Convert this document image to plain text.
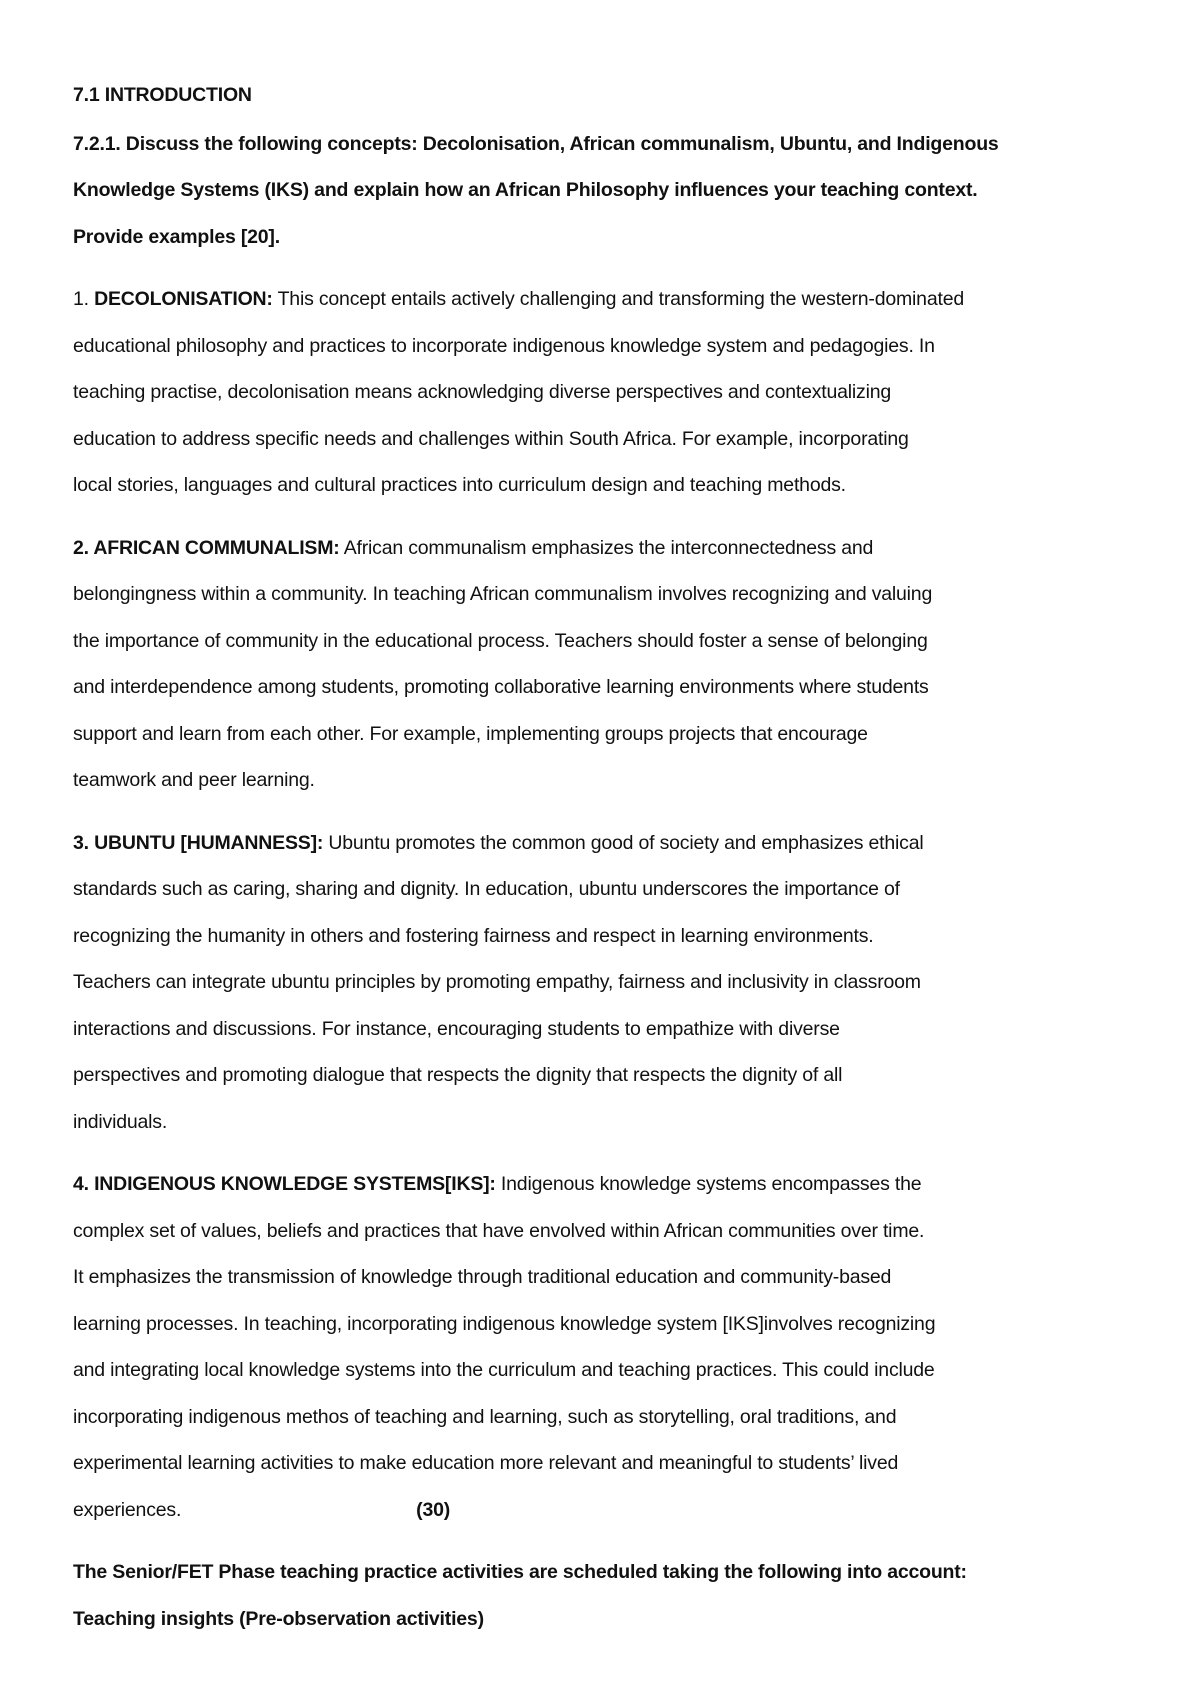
7.1 INTRODUCTION
7.2.1. Discuss the following concepts: Decolonisation, African communalism, Ubuntu, and Indigenous
Knowledge Systems (IKS) and explain how an African Philosophy influences your teaching context.
Provide examples [20].
1. DECOLONISATION: This concept entails actively challenging and transforming the western-dominated
educational philosophy and practices to incorporate indigenous knowledge system and pedagogies. In
teaching practise, decolonisation means acknowledging diverse perspectives and contextualizing
education to address specific needs and challenges within South Africa. For example, incorporating
local stories, languages and cultural practices into curriculum design and teaching methods.
2. AFRICAN COMMUNALISM: African communalism emphasizes the interconnectedness and
belongingness within a community. In teaching African communalism involves recognizing and valuing
the importance of community in the educational process. Teachers should foster a sense of belonging
and interdependence among students, promoting collaborative learning environments where students
support and learn from each other. For example, implementing groups projects that encourage
teamwork and peer learning.
3. UBUNTU [HUMANNESS]: Ubuntu promotes the common good of society and emphasizes ethical
standards such as caring, sharing and dignity. In education, ubuntu underscores the importance of
recognizing the humanity in others and fostering fairness and respect in learning environments.
Teachers can integrate ubuntu principles by promoting empathy, fairness and inclusivity in classroom
interactions and discussions. For instance, encouraging students to empathize with diverse
perspectives and promoting dialogue that respects the dignity that respects the dignity of all
individuals.
4. INDIGENOUS KNOWLEDGE SYSTEMS[IKS]: Indigenous knowledge systems encompasses the
complex set of values, beliefs and practices that have envolved within African communities over time.
It emphasizes the transmission of knowledge through traditional education and community-based
learning processes. In teaching, incorporating indigenous knowledge system [IKS]involves recognizing
and integrating local knowledge systems into the curriculum and teaching practices. This could include
incorporating indigenous methos of teaching and learning, such as storytelling, oral traditions, and
experimental learning activities to make education more relevant and meaningful to students’ lived
experiences.	(30)
The Senior/FET Phase teaching practice activities are scheduled taking the following into account:
Teaching insights (Pre-observation activities)
